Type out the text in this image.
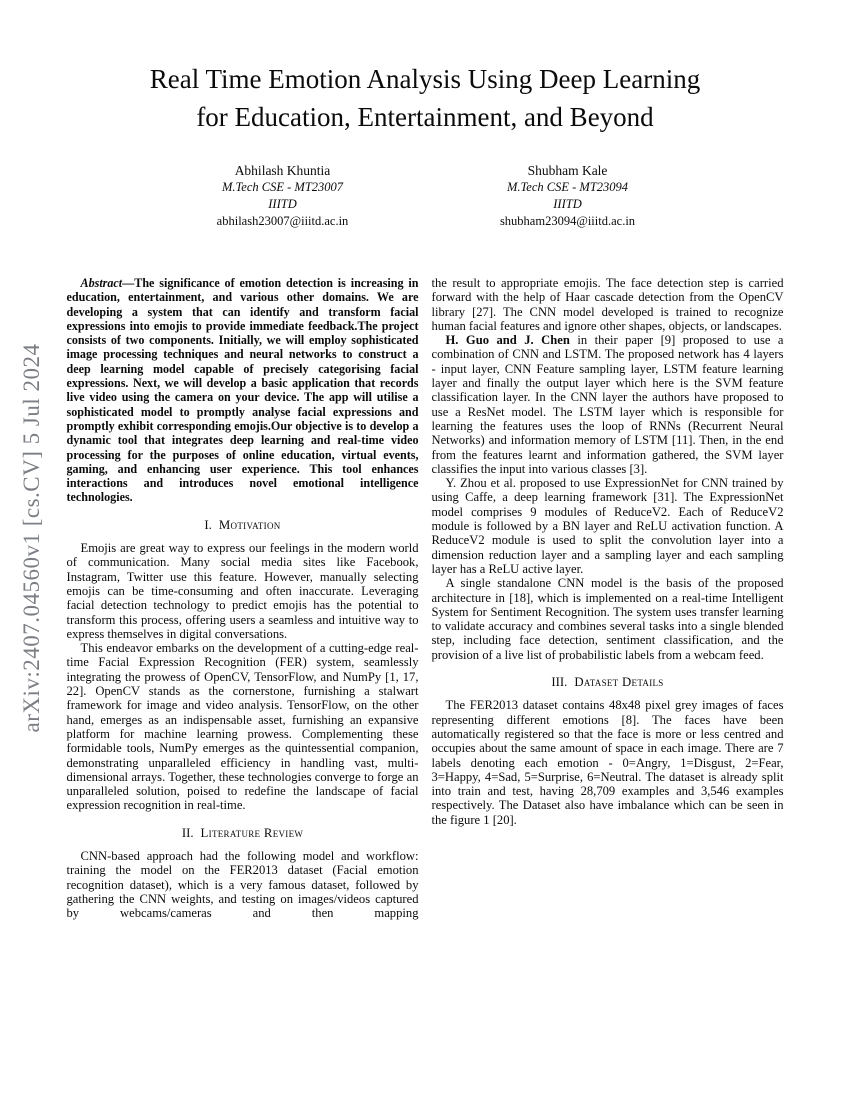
arXiv:2407.04560v1 [cs.CV] 5 Jul 2024
Real Time Emotion Analysis Using Deep Learning
for Education, Entertainment, and Beyond
Abhilash Khuntia
M.Tech CSE - MT23007
IIITD
abhilash23007@iiitd.ac.in
Shubham Kale
M.Tech CSE - MT23094
IIITD
shubham23094@iiitd.ac.in

Abstract—The significance of emotion detection is increasing in education, entertainment, and various other domains. We are developing a system that can identify and transform facial expressions into emojis to provide immediate feedback.The project consists of two components. Initially, we will employ sophisticated image processing techniques and neural networks to construct a deep learning model capable of precisely categorising facial expressions. Next, we will develop a basic application that records live video using the camera on your device. The app will utilise a sophisticated model to promptly analyse facial expressions and promptly exhibit corresponding emojis.Our objective is to develop a dynamic tool that integrates deep learning and real-time video processing for the purposes of online education, virtual events, gaming, and enhancing user experience. This tool enhances interactions and introduces novel emotional intelligence technologies.

I. Motivation

Emojis are great way to express our feelings in the modern world of communication. Many social media sites like Facebook, Instagram, Twitter use this feature. However, manually selecting emojis can be time-consuming and often inaccurate. Leveraging facial detection technology to predict emojis has the potential to transform this process, offering users a seamless and intuitive way to express themselves in digital conversations.

This endeavor embarks on the development of a cutting-edge real-time Facial Expression Recognition (FER) system, seamlessly integrating the prowess of OpenCV, TensorFlow, and NumPy [1, 17, 22]. OpenCV stands as the cornerstone, furnishing a stalwart framework for image and video analysis. TensorFlow, on the other hand, emerges as an indispensable asset, furnishing an expansive platform for machine learning prowess. Complementing these formidable tools, NumPy emerges as the quintessential companion, demonstrating unparalleled efficiency in handling vast, multi-dimensional arrays. Together, these technologies converge to forge an unparalleled solution, poised to redefine the landscape of facial expression recognition in real-time.

II. Literature Review

CNN-based approach had the following model and workflow: training the model on the FER2013 dataset (Facial emotion recognition dataset), which is a very famous dataset, followed by gathering the CNN weights, and testing on images/videos captured by webcams/cameras and then mapping

the result to appropriate emojis. The face detection step is carried forward with the help of Haar cascade detection from the OpenCV library [27]. The CNN model developed is trained to recognize human facial features and ignore other shapes, objects, or landscapes.

H. Guo and J. Chen in their paper [9] proposed to use a combination of CNN and LSTM. The proposed network has 4 layers - input layer, CNN Feature sampling layer, LSTM feature learning layer and finally the output layer which here is the SVM feature classification layer. In the CNN layer the authors have proposed to use a ResNet model. The LSTM layer which is responsible for learning the features uses the loop of RNNs (Recurrent Neural Networks) and information memory of LSTM [11]. Then, in the end from the features learnt and information gathered, the SVM layer classifies the input into various classes [3].

Y. Zhou et al. proposed to use ExpressionNet for CNN trained by using Caffe, a deep learning framework [31]. The ExpressionNet model comprises 9 modules of ReduceV2. Each of ReduceV2 module is followed by a BN layer and ReLU activation function. A ReduceV2 module is used to split the convolution layer into a dimension reduction layer and a sampling layer and each sampling layer has a ReLU active layer.

A single standalone CNN model is the basis of the proposed architecture in [18], which is implemented on a real-time Intelligent System for Sentiment Recognition. The system uses transfer learning to validate accuracy and combines several tasks into a single blended step, including face detection, sentiment classification, and the provision of a live list of probabilistic labels from a webcam feed.

III. Dataset Details

The FER2013 dataset contains 48x48 pixel grey images of faces representing different emotions [8]. The faces have been automatically registered so that the face is more or less centred and occupies about the same amount of space in each image. There are 7 labels denoting each emotion - 0=Angry, 1=Disgust, 2=Fear, 3=Happy, 4=Sad, 5=Surprise, 6=Neutral. The dataset is already split into train and test, having 28,709 examples and 3,546 examples respectively. The Dataset also have imbalance which can be seen in the figure 1 [20].
